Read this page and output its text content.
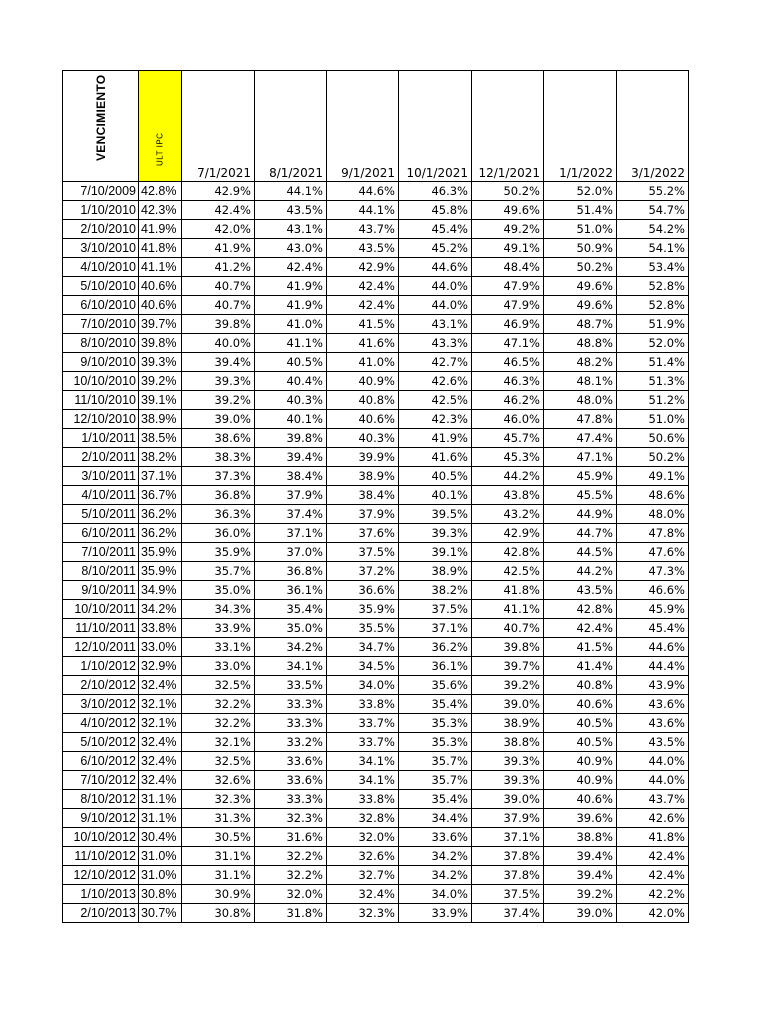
VENCIMIENTO	ULT IPC	7/1/2021	8/1/2021	9/1/2021	10/1/2021	12/1/2021	1/1/2022	3/1/2022
7/10/2009	42.8%	42.9%	44.1%	44.6%	46.3%	50.2%	52.0%	55.2%
1/10/2010	42.3%	42.4%	43.5%	44.1%	45.8%	49.6%	51.4%	54.7%
2/10/2010	41.9%	42.0%	43.1%	43.7%	45.4%	49.2%	51.0%	54.2%
3/10/2010	41.8%	41.9%	43.0%	43.5%	45.2%	49.1%	50.9%	54.1%
4/10/2010	41.1%	41.2%	42.4%	42.9%	44.6%	48.4%	50.2%	53.4%
5/10/2010	40.6%	40.7%	41.9%	42.4%	44.0%	47.9%	49.6%	52.8%
6/10/2010	40.6%	40.7%	41.9%	42.4%	44.0%	47.9%	49.6%	52.8%
7/10/2010	39.7%	39.8%	41.0%	41.5%	43.1%	46.9%	48.7%	51.9%
8/10/2010	39.8%	40.0%	41.1%	41.6%	43.3%	47.1%	48.8%	52.0%
9/10/2010	39.3%	39.4%	40.5%	41.0%	42.7%	46.5%	48.2%	51.4%
10/10/2010	39.2%	39.3%	40.4%	40.9%	42.6%	46.3%	48.1%	51.3%
11/10/2010	39.1%	39.2%	40.3%	40.8%	42.5%	46.2%	48.0%	51.2%
12/10/2010	38.9%	39.0%	40.1%	40.6%	42.3%	46.0%	47.8%	51.0%
1/10/2011	38.5%	38.6%	39.8%	40.3%	41.9%	45.7%	47.4%	50.6%
2/10/2011	38.2%	38.3%	39.4%	39.9%	41.6%	45.3%	47.1%	50.2%
3/10/2011	37.1%	37.3%	38.4%	38.9%	40.5%	44.2%	45.9%	49.1%
4/10/2011	36.7%	36.8%	37.9%	38.4%	40.1%	43.8%	45.5%	48.6%
5/10/2011	36.2%	36.3%	37.4%	37.9%	39.5%	43.2%	44.9%	48.0%
6/10/2011	36.2%	36.0%	37.1%	37.6%	39.3%	42.9%	44.7%	47.8%
7/10/2011	35.9%	35.9%	37.0%	37.5%	39.1%	42.8%	44.5%	47.6%
8/10/2011	35.9%	35.7%	36.8%	37.2%	38.9%	42.5%	44.2%	47.3%
9/10/2011	34.9%	35.0%	36.1%	36.6%	38.2%	41.8%	43.5%	46.6%
10/10/2011	34.2%	34.3%	35.4%	35.9%	37.5%	41.1%	42.8%	45.9%
11/10/2011	33.8%	33.9%	35.0%	35.5%	37.1%	40.7%	42.4%	45.4%
12/10/2011	33.0%	33.1%	34.2%	34.7%	36.2%	39.8%	41.5%	44.6%
1/10/2012	32.9%	33.0%	34.1%	34.5%	36.1%	39.7%	41.4%	44.4%
2/10/2012	32.4%	32.5%	33.5%	34.0%	35.6%	39.2%	40.8%	43.9%
3/10/2012	32.1%	32.2%	33.3%	33.8%	35.4%	39.0%	40.6%	43.6%
4/10/2012	32.1%	32.2%	33.3%	33.7%	35.3%	38.9%	40.5%	43.6%
5/10/2012	32.4%	32.1%	33.2%	33.7%	35.3%	38.8%	40.5%	43.5%
6/10/2012	32.4%	32.5%	33.6%	34.1%	35.7%	39.3%	40.9%	44.0%
7/10/2012	32.4%	32.6%	33.6%	34.1%	35.7%	39.3%	40.9%	44.0%
8/10/2012	31.1%	32.3%	33.3%	33.8%	35.4%	39.0%	40.6%	43.7%
9/10/2012	31.1%	31.3%	32.3%	32.8%	34.4%	37.9%	39.6%	42.6%
10/10/2012	30.4%	30.5%	31.6%	32.0%	33.6%	37.1%	38.8%	41.8%
11/10/2012	31.0%	31.1%	32.2%	32.6%	34.2%	37.8%	39.4%	42.4%
12/10/2012	31.0%	31.1%	32.2%	32.7%	34.2%	37.8%	39.4%	42.4%
1/10/2013	30.8%	30.9%	32.0%	32.4%	34.0%	37.5%	39.2%	42.2%
2/10/2013	30.7%	30.8%	31.8%	32.3%	33.9%	37.4%	39.0%	42.0%
